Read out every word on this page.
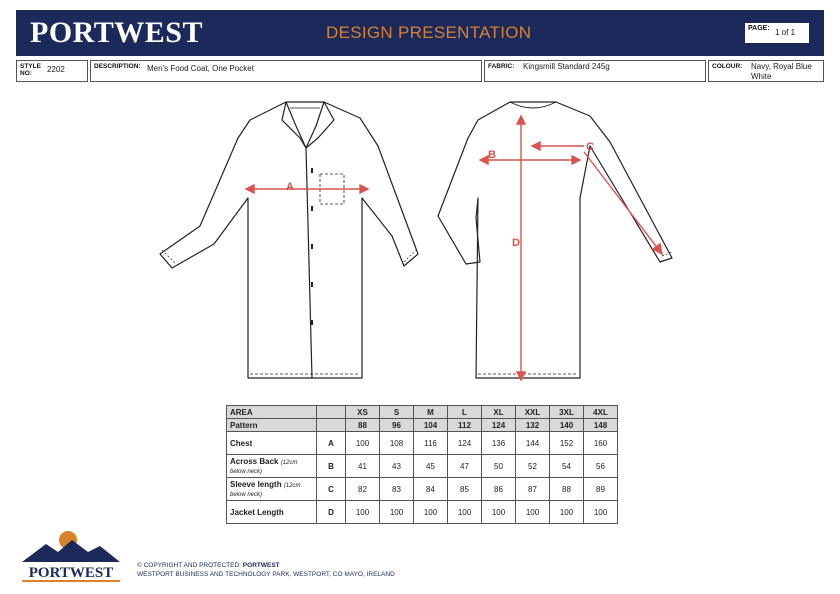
PORTWEST	DESIGN PRESENTATION	PAGE: 1 of 1
STYLE NO:	2202	DESCRIPTION: Men's Food Coat, One Pocket	FABRIC: Kingsmill Standard 245g	COLOUR: Navy, Royal Blue
White
A
B
C
D
AREA		XS	S	M	L	XL	XXL	3XL	4XL
Pattern		88	96	104	112	124	132	140	148
Chest	A	100	108	116	124	136	144	152	160
Across Back (12cm below neck)	B	41	43	45	47	50	52	54	56
Sleeve length (12cm below neck)	C	82	83	84	85	86	87	88	89
Jacket Length	D	100	100	100	100	100	100	100	100
PORTWEST	© COPYRIGHT AND PROTECTED: PORTWEST
WESTPORT BUSINESS AND TECHNOLOGY PARK, WESTPORT, CO MAYO, IRELAND
